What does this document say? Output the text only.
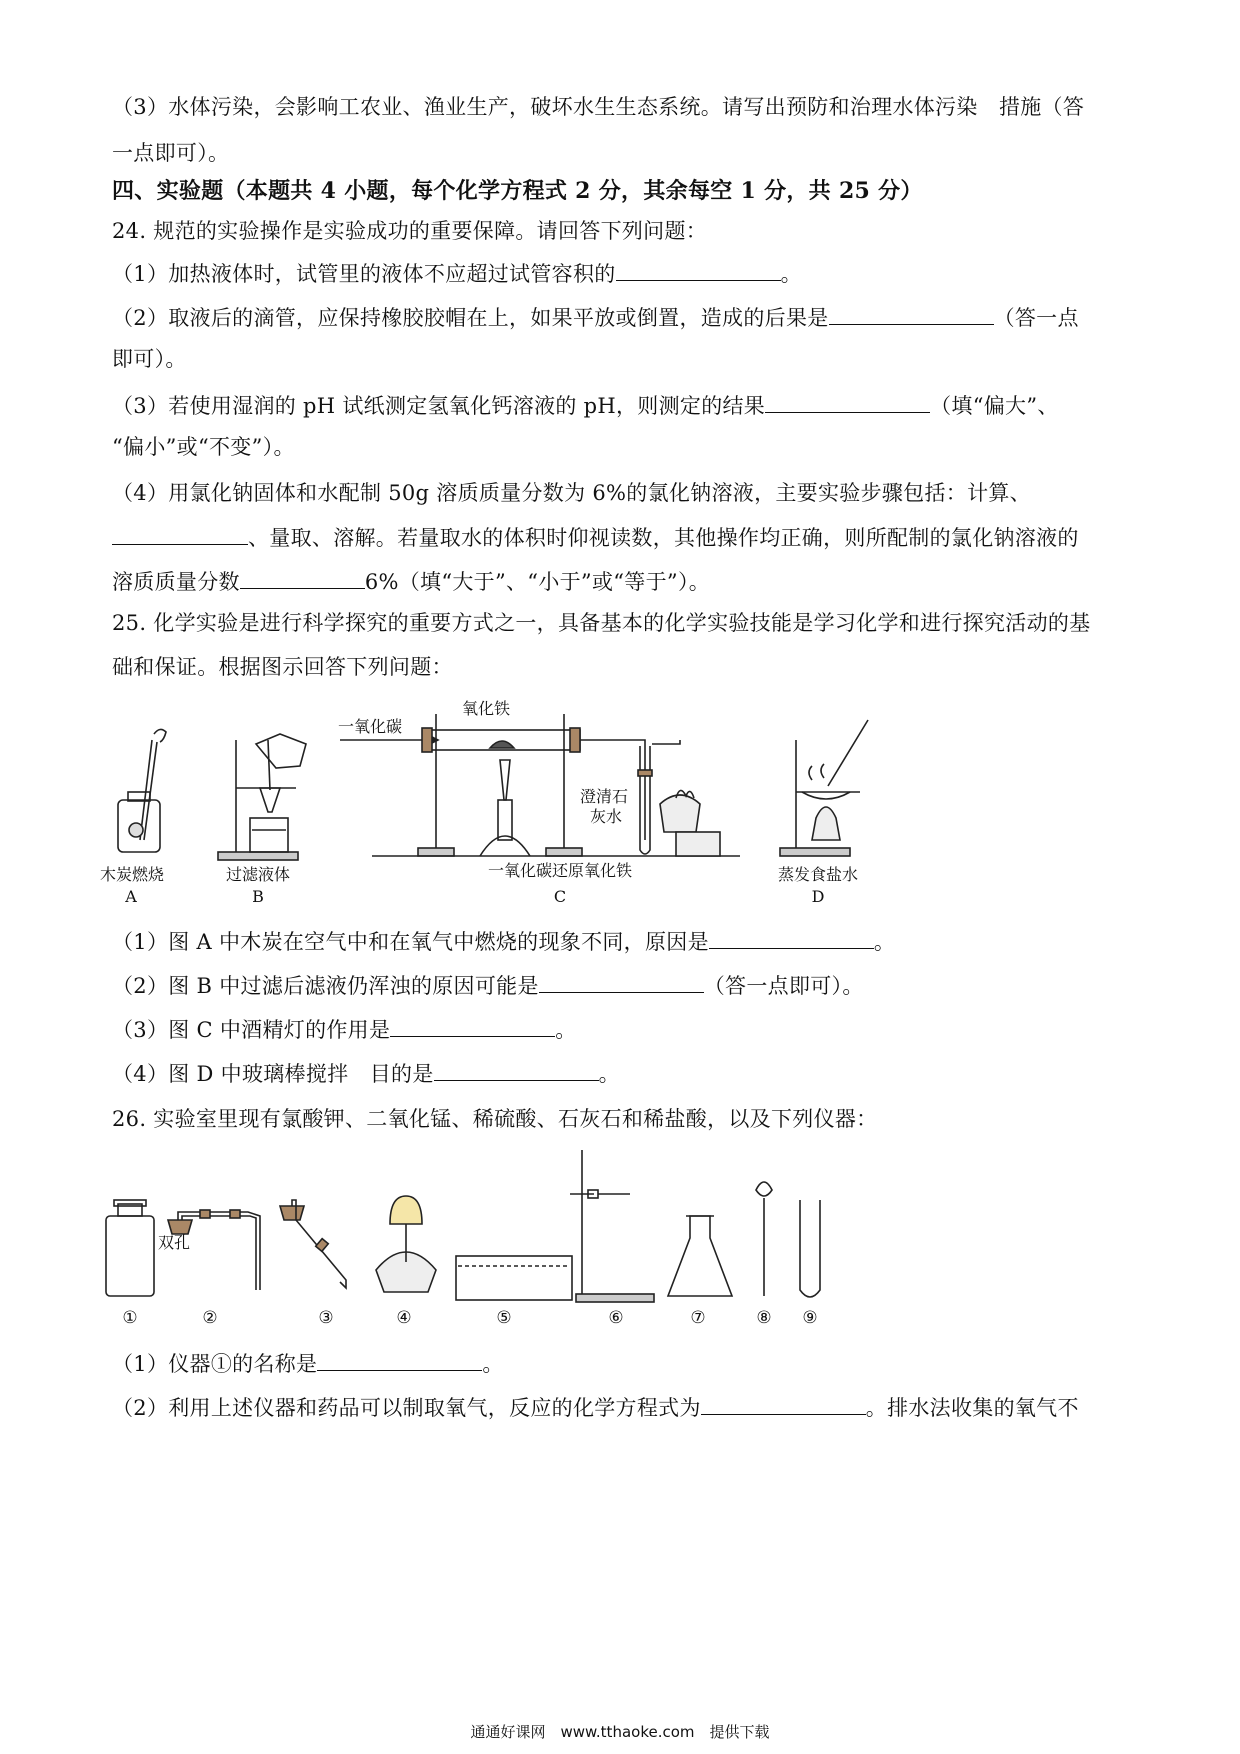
（3）水体污染，会影响工农业、渔业生产，破坏水生生态系统。请写出预防和治理水体污染　措施（答
一点即可）。
四、实验题（本题共 4 小题，每个化学方程式 2 分，其余每空 1 分，共 25 分）
24. 规范的实验操作是实验成功的重要保障。请回答下列问题：
（1）加热液体时，试管里的液体不应超过试管容积的	。
（2）取液后的滴管，应保持橡胶胶帽在上，如果平放或倒置，造成的后果是	（答一点
即可）。
（3）若使用湿润的 pH 试纸测定氢氧化钙溶液的 pH，则测定的结果	（填“偏大”、
“偏小”或“不变”）。
（4）用氯化钠固体和水配制 50g 溶质质量分数为 6%的氯化钠溶液，主要实验步骤包括：计算、
、量取、溶解。若量取水的体积时仰视读数，其他操作均正确，则所配制的氯化钠溶液的
溶质质量分数	6%（填“大于”、“小于”或“等于”）。
25. 化学实验是进行科学探究的重要方式之一，具备基本的化学实验技能是学习化学和进行探究活动的基
础和保证。根据图示回答下列问题：
一氧化碳
氧化铁
澄清石
灰水
木炭燃烧
A
过滤液体
B
一氧化碳还原氧化铁
C
蒸发食盐水
D
（1）图 A 中木炭在空气中和在氧气中燃烧的现象不同，原因是	。
（2）图 B 中过滤后滤液仍浑浊的原因可能是	（答一点即可）。
（3）图 C 中酒精灯的作用是	。
（4）图 D 中玻璃棒搅拌　目的是	。
26. 实验室里现有氯酸钾、二氧化锰、稀硫酸、石灰石和稀盐酸，以及下列仪器：
双孔
①	②	③	④	⑤	⑥	⑦	⑧	⑨
（1）仪器①的名称是	。
（2）利用上述仪器和药品可以制取氧气，反应的化学方程式为	。排水法收集的氧气不
通通好课网　www.tthaoke.com　提供下载
